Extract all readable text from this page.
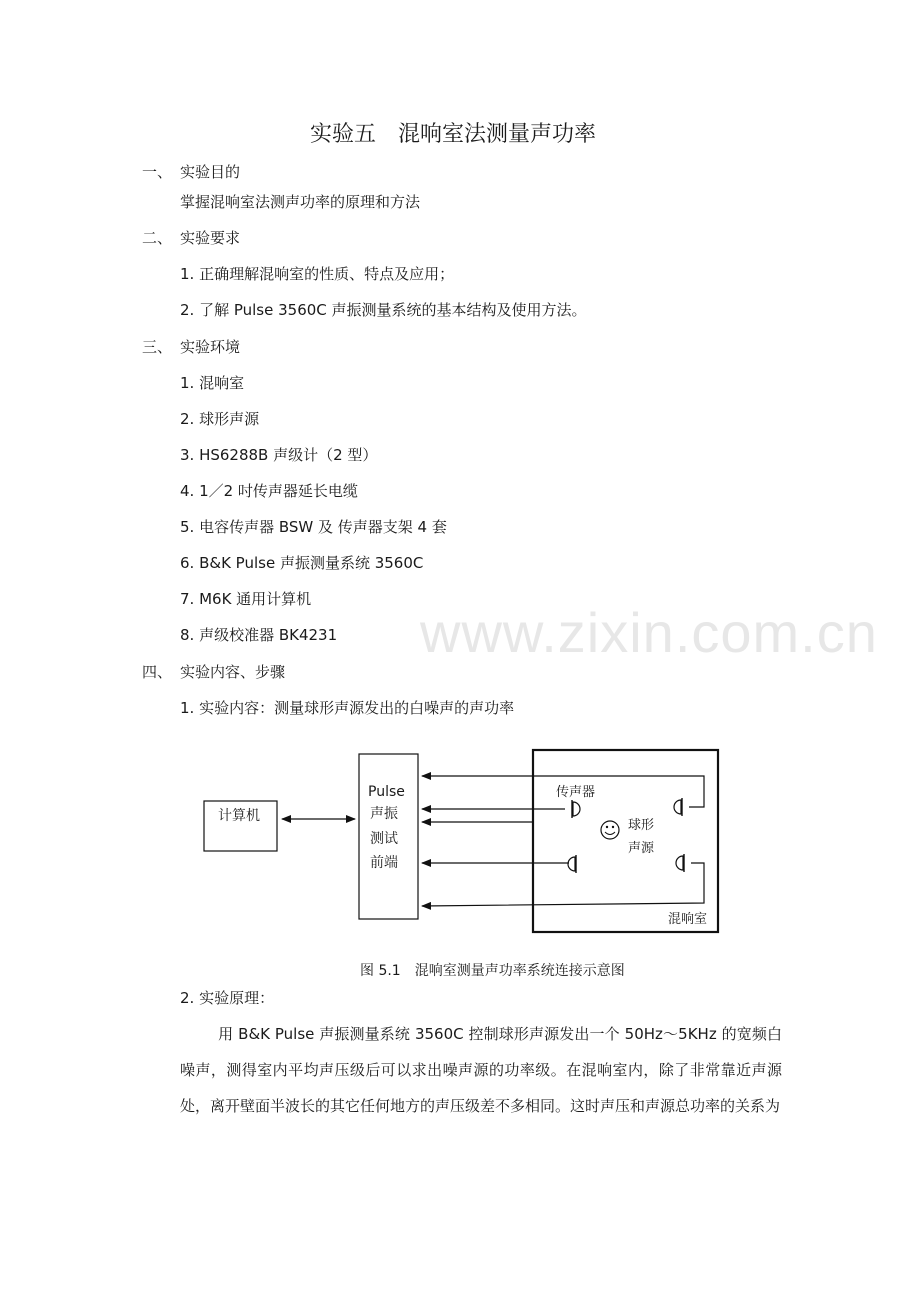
www.zixin.com.cn
实验五　混响室法测量声功率
一、 实验目的
掌握混响室法测声功率的原理和方法
二、 实验要求
1. 正确理解混响室的性质、特点及应用；
2. 了解 Pulse 3560C 声振测量系统的基本结构及使用方法。
三、 实验环境
1. 混响室
2. 球形声源
3. HS6288B 声级计（2 型）
4. 1／2 吋传声器延长电缆
5. 电容传声器 BSW 及 传声器支架 4 套
6. B&K Pulse 声振测量系统 3560C
7. M6K 通用计算机
8. 声级校准器 BK4231
四、 实验内容、步骤
1. 实验内容：测量球形声源发出的白噪声的声功率
计算机
Pulse
声振
测试
前端
混响室
传声器
球形
声源
图 5.1　混响室测量声功率系统连接示意图
2. 实验原理：
用 B&K Pulse 声振测量系统 3560C 控制球形声源发出一个 50Hz～5KHz 的宽频白噪声，测得室内平均声压级后可以求出噪声源的功率级。在混响室内，除了非常靠近声源处，离开壁面半波长的其它任何地方的声压级差不多相同。这时声压和声源总功率的关系为
